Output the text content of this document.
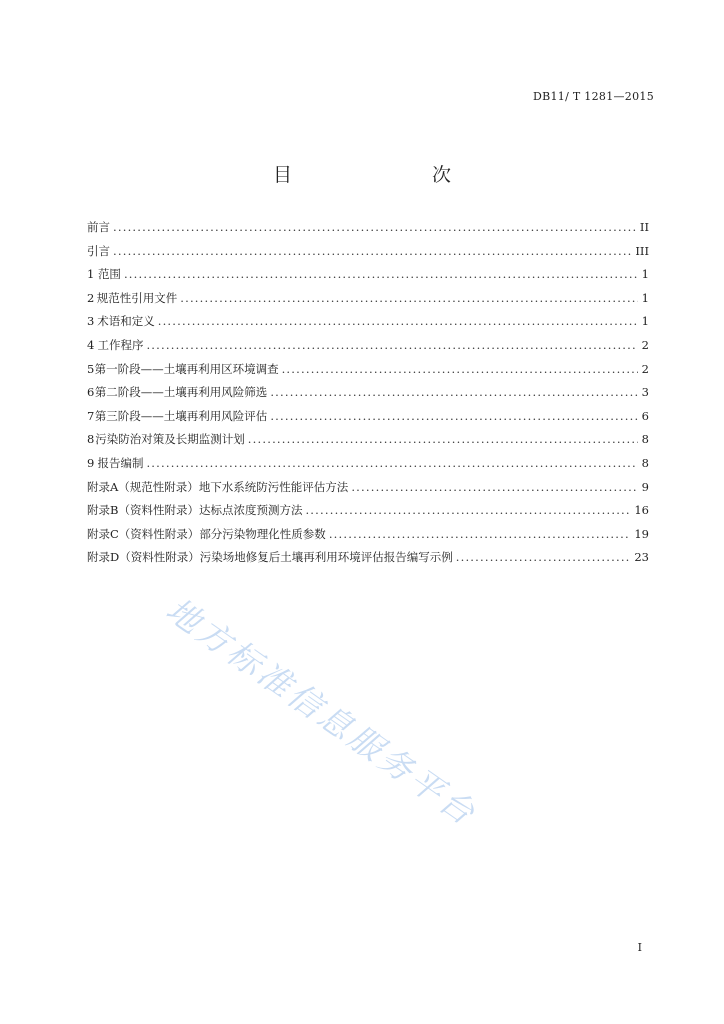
DB11/ T 1281—2015
目　　次
前言 .....	II
引言 .....	III
1 范围 .....	1
2 规范性引用文件 .....	1
3 术语和定义 .....	1
4 工作程序 .....	2
5 第一阶段——土壤再利用区环境调查 .....	2
6 第二阶段——土壤再利用风险筛选 .....	3
7 第三阶段——土壤再利用风险评估 .....	6
8 污染防治对策及长期监测计划 .....	8
9 报告编制 .....	8
附录A（规范性附录） 地下水系统防污性能评估方法 .....	9
附录B（资料性附录） 达标点浓度预测方法 .....	16
附录C（资料性附录） 部分污染物理化性质参数 .....	19
附录D（资料性附录） 污染场地修复后土壤再利用环境评估报告编写示例 .....	23
地方标准信息服务平台
I
